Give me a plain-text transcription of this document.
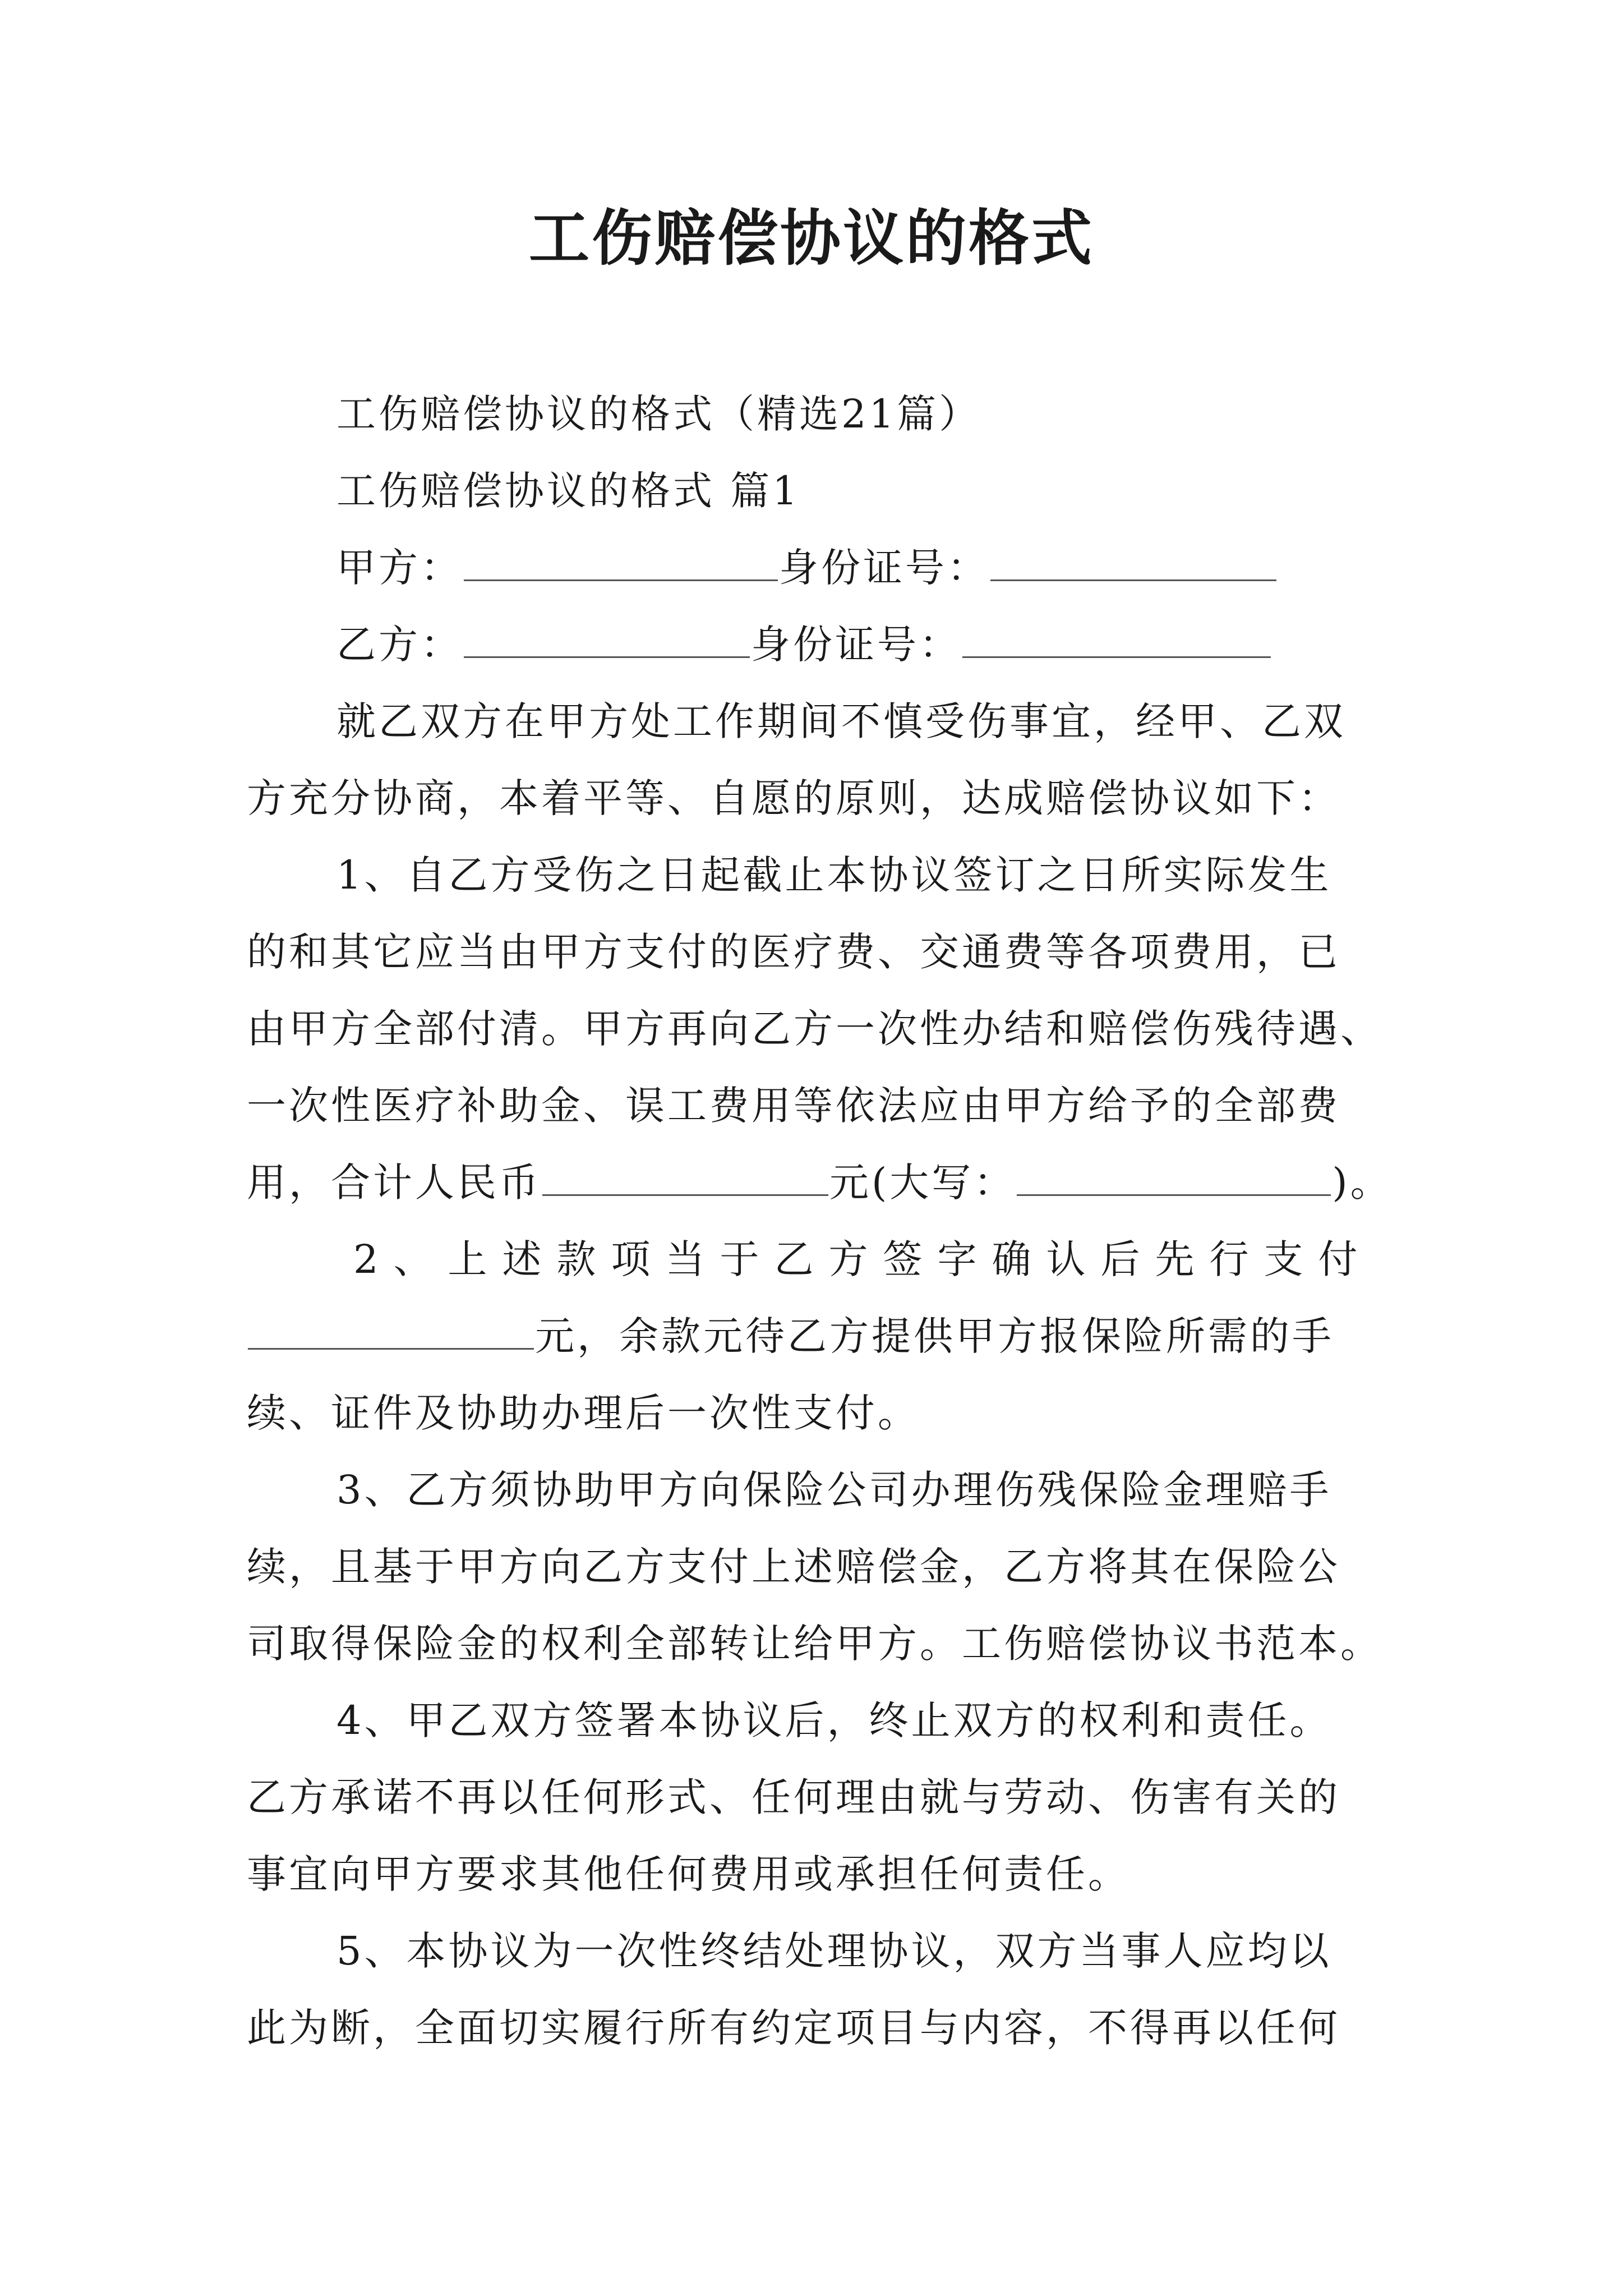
工伤赔偿协议的格式
工伤赔偿协议的格式（精选21篇）
工伤赔偿协议的格式 篇1
甲方：	身份证号：
乙方：	身份证号：
就乙双方在甲方处工作期间不慎受伤事宜，经甲、乙双
方充分协商，本着平等、自愿的原则，达成赔偿协议如下：
1、自乙方受伤之日起截止本协议签订之日所实际发生
的和其它应当由甲方支付的医疗费、交通费等各项费用，已
由甲方全部付清。甲方再向乙方一次性办结和赔偿伤残待遇、
一次性医疗补助金、误工费用等依法应由甲方给予的全部费
用，合计人民币	元(大写：	)。
2、上述款项当于乙方签字确认后先行支付
元，余款元待乙方提供甲方报保险所需的手
续、证件及协助办理后一次性支付。
3、乙方须协助甲方向保险公司办理伤残保险金理赔手
续，且基于甲方向乙方支付上述赔偿金，乙方将其在保险公
司取得保险金的权利全部转让给甲方。工伤赔偿协议书范本。
4、甲乙双方签署本协议后，终止双方的权利和责任。
乙方承诺不再以任何形式、任何理由就与劳动、伤害有关的
事宜向甲方要求其他任何费用或承担任何责任。
5、本协议为一次性终结处理协议，双方当事人应均以
此为断，全面切实履行所有约定项目与内容，不得再以任何
